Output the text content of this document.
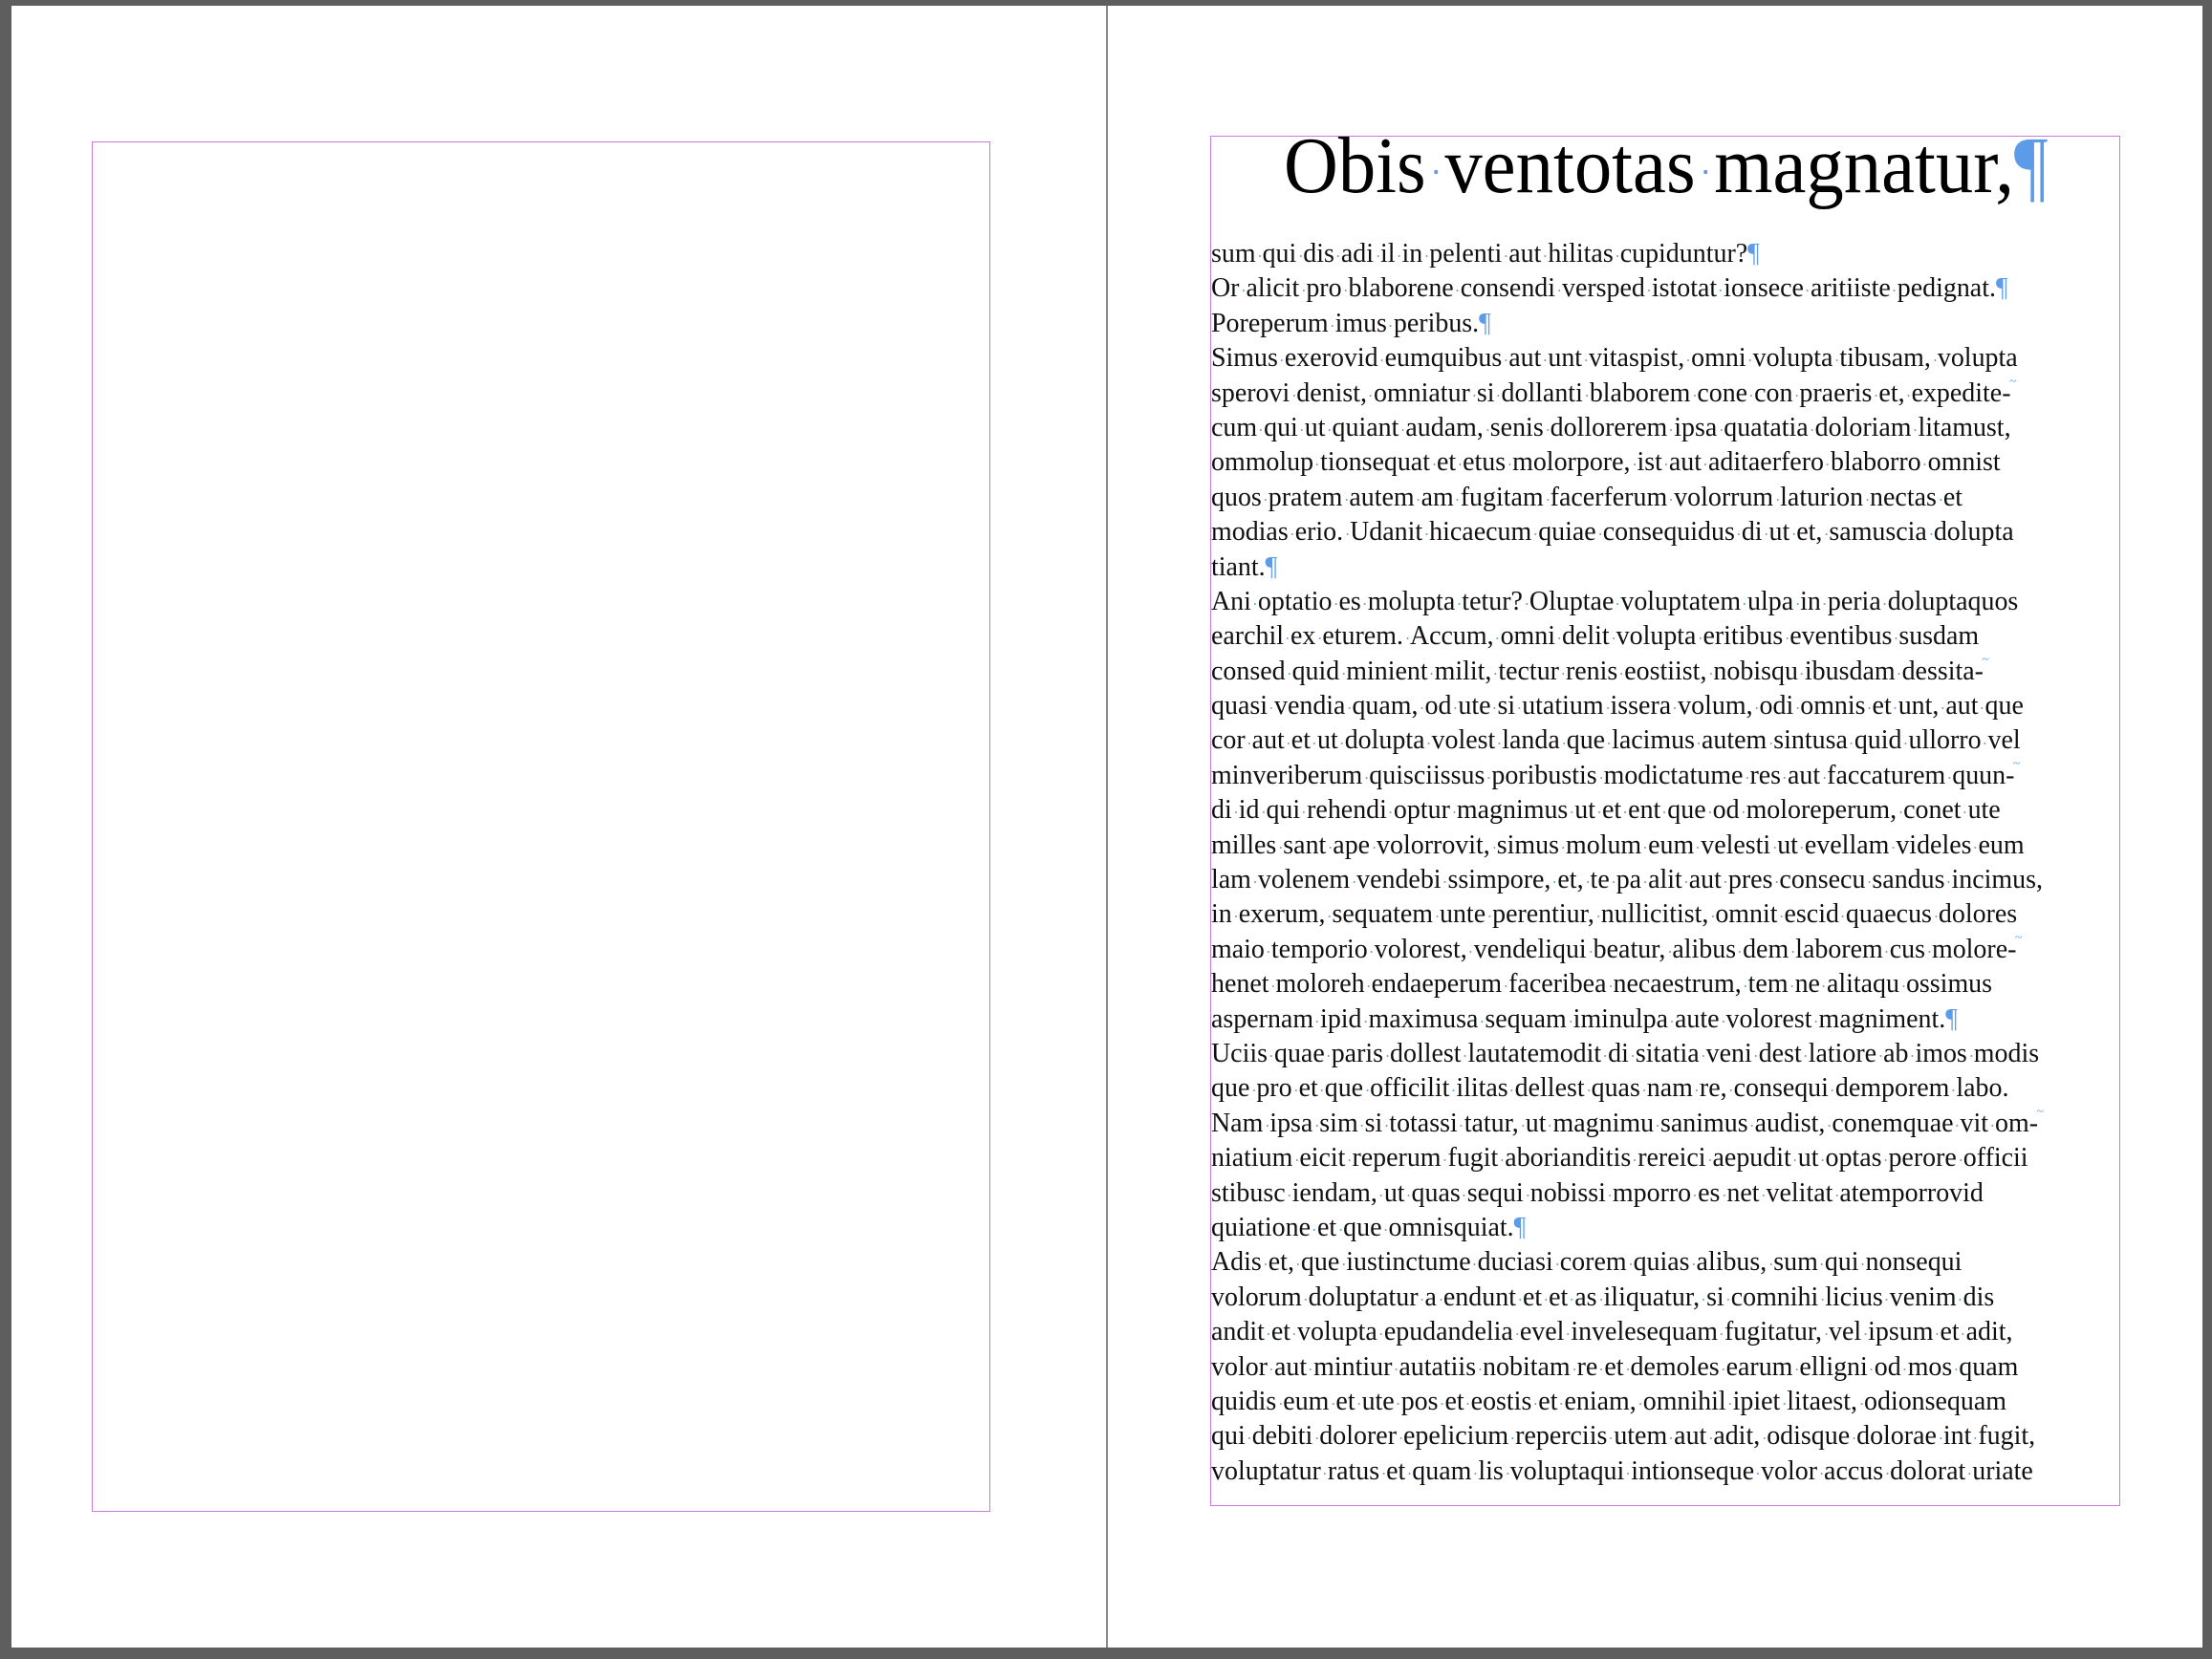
Obis ventotas magnatur,¶
sum qui dis adi il in pelenti aut hilitas cupiduntur?¶
Or alicit pro blaborene consendi versped istotat ionsece aritiiste pedignat.¶
Poreperum imus peribus.¶
Simus exerovid eumquibus aut unt vitaspist, omni volupta tibusam, volupta
sperovi denist, omniatur si dollanti blaborem cone con praeris et, expedite- ~
cum qui ut quiant audam, senis dollorerem ipsa quatatia doloriam litamust,
ommolup tionsequat et etus molorpore, ist aut aditaerfero blaborro omnist
quos pratem autem am fugitam facerferum volorrum laturion nectas et
modias erio. Udanit hicaecum quiae consequidus di ut et, samuscia dolupta
tiant.¶
Ani optatio es molupta tetur? Oluptae voluptatem ulpa in peria doluptaquos
earchil ex eturem. Accum, omni delit volupta eritibus eventibus susdam
consed quid minient milit, tectur renis eostiist, nobisqu ibusdam dessita- ~
quasi vendia quam, od ute si utatium issera volum, odi omnis et unt, aut que
cor aut et ut dolupta volest landa que lacimus autem sintusa quid ullorro vel
minveriberum quisciissus poribustis modictatume res aut faccaturem quun- ~
di id qui rehendi optur magnimus ut et ent que od moloreperum, conet ute
milles sant ape volorrovit, simus molum eum velesti ut evellam videles eum
lam volenem vendebi ssimpore, et, te pa alit aut pres consecu sandus incimus,
in exerum, sequatem unte perentiur, nullicitist, omnit escid quaecus dolores
maio temporio volorest, vendeliqui beatur, alibus dem laborem cus molore- ~
henet moloreh endaeperum faceribea necaestrum, tem ne alitaqu ossimus
aspernam ipid maximusa sequam iminulpa aute volorest magniment.¶
Uciis quae paris dollest lautatemodit di sitatia veni dest latiore ab imos modis
que pro et que officilit ilitas dellest quas nam re, consequi demporem labo.
Nam ipsa sim si totassi tatur, ut magnimu sanimus audist, conemquae vit om- ~
niatium eicit reperum fugit aborianditis rereici aepudit ut optas perore officii
stibusc iendam, ut quas sequi nobissi mporro es net velitat atemporrovid
quiatione et que omnisquiat.¶
Adis et, que iustinctume duciasi corem quias alibus, sum qui nonsequi
volorum doluptatur a endunt et et as iliquatur, si comnihi licius venim dis
andit et volupta epudandelia evel invelesequam fugitatur, vel ipsum et adit,
volor aut mintiur autatiis nobitam re et demoles earum elligni od mos quam
quidis eum et ute pos et eostis et eniam, omnihil ipiet litaest, odionsequam
qui debiti dolorer epelicium reperciis utem aut adit, odisque dolorae int fugit,
voluptatur ratus et quam lis voluptaqui intionseque volor accus dolorat uriate
